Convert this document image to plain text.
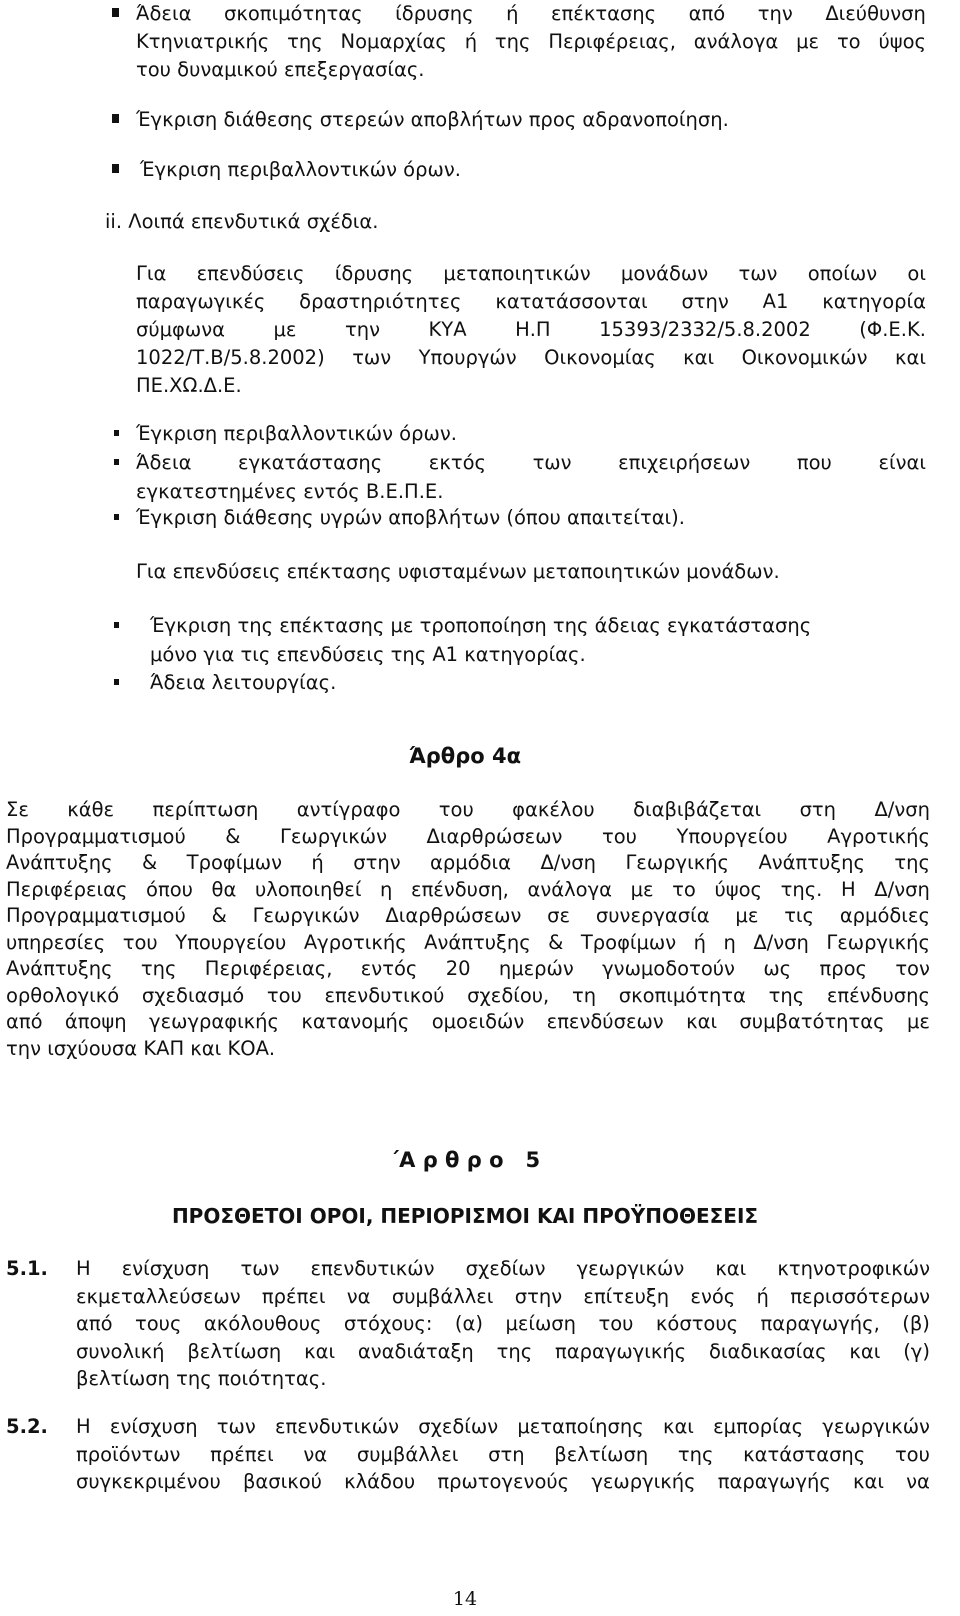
Άδεια σκοπιμότητας ίδρυσης ή επέκτασης από την Διεύθυνση
Κτηνιατρικής της Νομαρχίας ή της Περιφέρειας, ανάλογα με το ύψος
του δυναμικού επεξεργασίας.
Έγκριση διάθεσης στερεών αποβλήτων προς αδρανοποίηση.
Έγκριση περιβαλλοντικών όρων.
ii. Λοιπά επενδυτικά σχέδια.
Για επενδύσεις ίδρυσης μεταποιητικών μονάδων των οποίων οι
παραγωγικές δραστηριότητες κατατάσσονται στην Α1 κατηγορία
σύμφωνα με την ΚΥΑ Η.Π 15393/2332/5.8.2002 (Φ.Ε.Κ.
1022/Τ.Β/5.8.2002) των Υπουργών Οικονομίας και Οικονομικών και
ΠΕ.ΧΩ.Δ.Ε.
Έγκριση περιβαλλοντικών όρων.
Άδεια εγκατάστασης εκτός των επιχειρήσεων που είναι
εγκατεστημένες εντός Β.Ε.Π.Ε.
Έγκριση διάθεσης υγρών αποβλήτων (όπου απαιτείται).
Για επενδύσεις επέκτασης υφισταμένων μεταποιητικών μονάδων.
Έγκριση της επέκτασης με τροποποίηση της άδειας εγκατάστασης
μόνο για τις επενδύσεις της Α1 κατηγορίας.
Άδεια λειτουργίας.
Άρθρο 4α
Σε κάθε περίπτωση αντίγραφο του φακέλου διαβιβάζεται στη Δ/νση
Προγραμματισμού & Γεωργικών Διαρθρώσεων του Υπουργείου Αγροτικής
Ανάπτυξης & Τροφίμων ή στην αρμόδια Δ/νση Γεωργικής Ανάπτυξης της
Περιφέρειας όπου θα υλοποιηθεί η επένδυση, ανάλογα με το ύψος της. Η Δ/νση
Προγραμματισμού & Γεωργικών Διαρθρώσεων σε συνεργασία με τις αρμόδιες
υπηρεσίες του Υπουργείου Αγροτικής Ανάπτυξης & Τροφίμων ή η Δ/νση Γεωργικής
Ανάπτυξης της Περιφέρειας, εντός 20 ημερών γνωμοδοτούν ως προς τον
ορθολογικό σχεδιασμό του επενδυτικού σχεδίου, τη σκοπιμότητα της επένδυσης
από άποψη γεωγραφικής κατανομής ομοειδών επενδύσεων και συμβατότητας με
την ισχύουσα ΚΑΠ και ΚΟΑ.
΄Α ρ θ ρ ο   5
ΠΡΟΣΘΕΤΟΙ ΟΡΟΙ, ΠΕΡΙΟΡΙΣΜΟΙ ΚΑΙ ΠΡΟΫΠΟΘΕΣΕΙΣ
5.1. Η ενίσχυση των επενδυτικών σχεδίων γεωργικών και κτηνοτροφικών
εκμεταλλεύσεων πρέπει να συμβάλλει στην επίτευξη ενός ή περισσότερων
από τους ακόλουθους στόχους: (α) μείωση του κόστους παραγωγής, (β)
συνολική βελτίωση και αναδιάταξη της παραγωγικής διαδικασίας και (γ)
βελτίωση της ποιότητας.
5.2. Η ενίσχυση των επενδυτικών σχεδίων μεταποίησης και εμπορίας γεωργικών
προϊόντων πρέπει να συμβάλλει στη βελτίωση της κατάστασης του
συγκεκριμένου βασικού κλάδου πρωτογενούς γεωργικής παραγωγής και να
14
